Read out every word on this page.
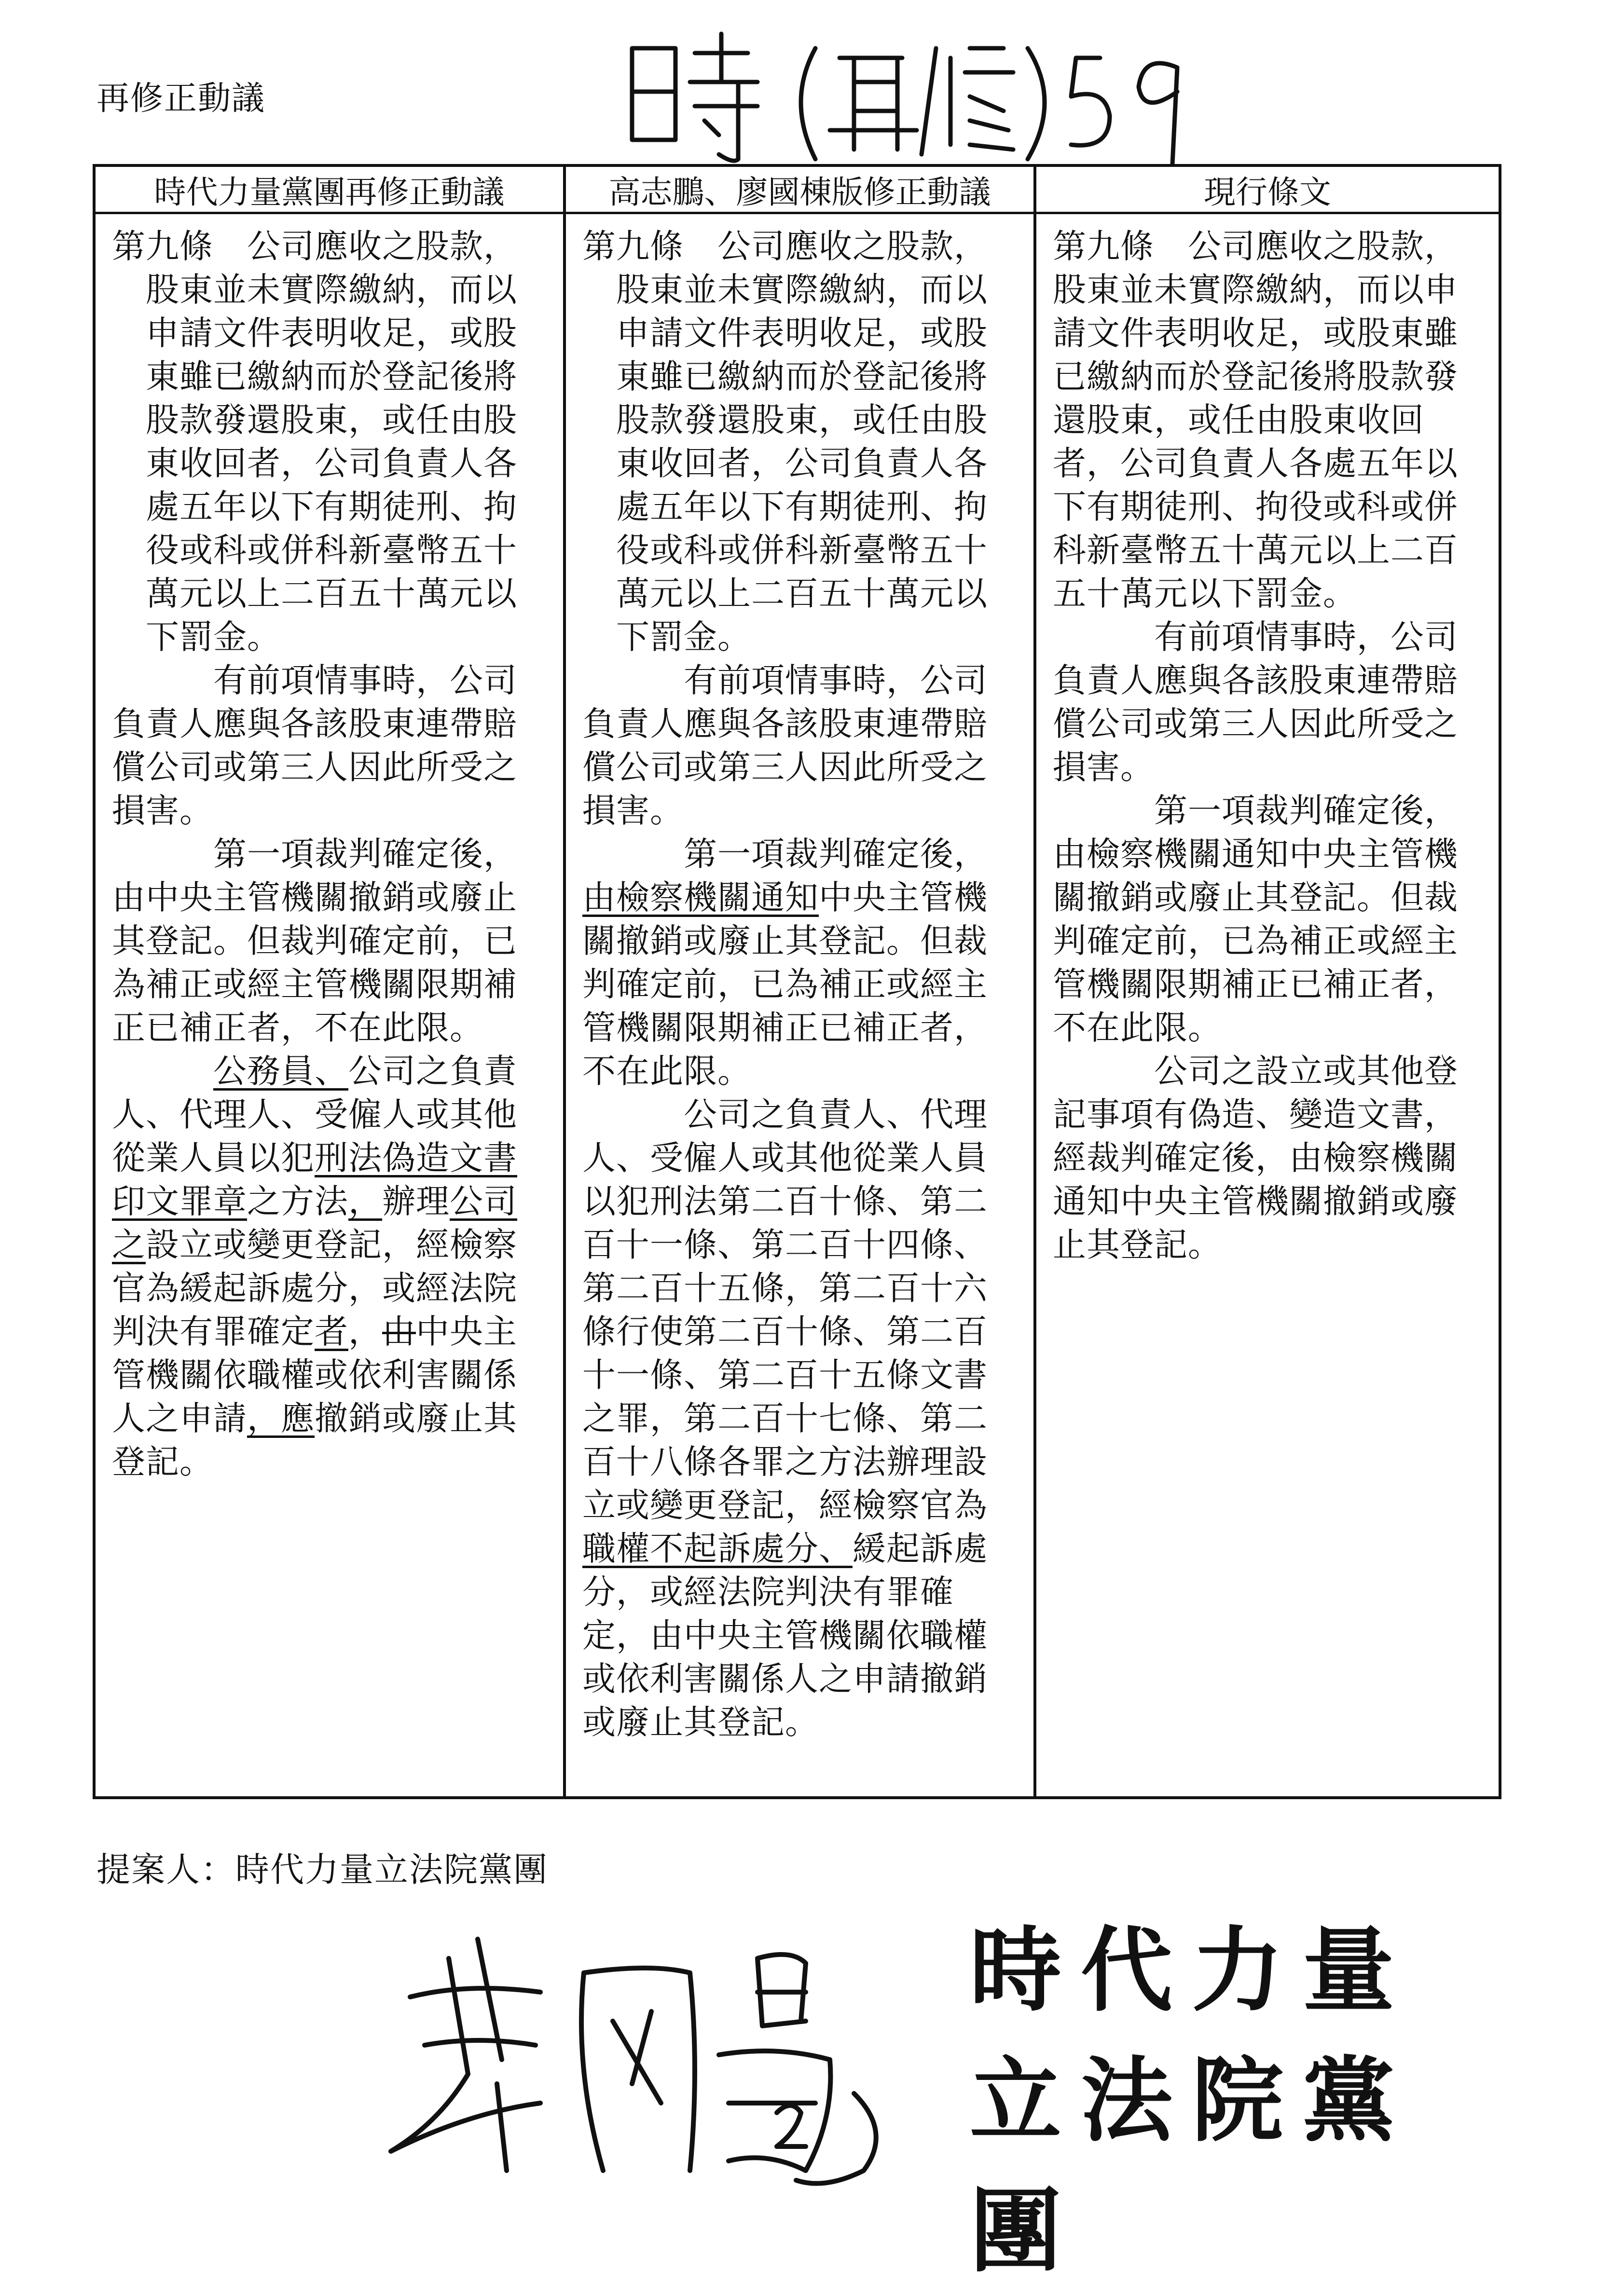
再修正動議
時代力量黨團再修正動議	高志鵬、廖國棟版修正動議	現行條文

第九條　公司應收之股款，股東並未實際繳納，而以申請文件表明收足，或股東雖已繳納而於登記後將股款發還股東，或任由股東收回者，公司負責人各處五年以下有期徒刑、拘役或科或併科新臺幣五十萬元以上二百五十萬元以下罰金。

有前項情事時，公司負責人應與各該股東連帶賠償公司或第三人因此所受之損害。

第一項裁判確定後，由中央主管機關撤銷或廢止其登記。但裁判確定前，已為補正或經主管機關限期補正已補正者，不在此限。

公務員、公司之負責人、代理人、受僱人或其他從業人員以犯刑法偽造文書印文罪章之方法，辦理公司之設立或變更登記，經檢察官為緩起訴處分，或經法院判決有罪確定者，由中央主管機關依職權或依利害關係人之申請，應撤銷或廢止其登記。

第九條　公司應收之股款，股東並未實際繳納，而以申請文件表明收足，或股東雖已繳納而於登記後將股款發還股東，或任由股東收回者，公司負責人各處五年以下有期徒刑、拘役或科或併科新臺幣五十萬元以上二百五十萬元以下罰金。

有前項情事時，公司負責人應與各該股東連帶賠償公司或第三人因此所受之損害。

第一項裁判確定後，由檢察機關通知中央主管機關撤銷或廢止其登記。但裁判確定前，已為補正或經主管機關限期補正已補正者，不在此限。

公司之負責人、代理人、受僱人或其他從業人員以犯刑法第二百十條、第二百十一條、第二百十四條、第二百十五條，第二百十六條行使第二百十條、第二百十一條、第二百十五條文書之罪，第二百十七條、第二百十八條各罪之方法辦理設立或變更登記，經檢察官為職權不起訴處分、緩起訴處分，或經法院判決有罪確定，由中央主管機關依職權或依利害關係人之申請撤銷或廢止其登記。

第九條　公司應收之股款，股東並未實際繳納，而以申請文件表明收足，或股東雖已繳納而於登記後將股款發還股東，或任由股東收回者，公司負責人各處五年以下有期徒刑、拘役或科或併科新臺幣五十萬元以上二百五十萬元以下罰金。

有前項情事時，公司負責人應與各該股東連帶賠償公司或第三人因此所受之損害。

第一項裁判確定後，由檢察機關通知中央主管機關撤銷或廢止其登記。但裁判確定前，已為補正或經主管機關限期補正已補正者，不在此限。

公司之設立或其他登記事項有偽造、變造文書，經裁判確定後，由檢察機關通知中央主管機關撤銷或廢止其登記。

提案人：時代力量立法院黨團
時代力量
立法院黨團
